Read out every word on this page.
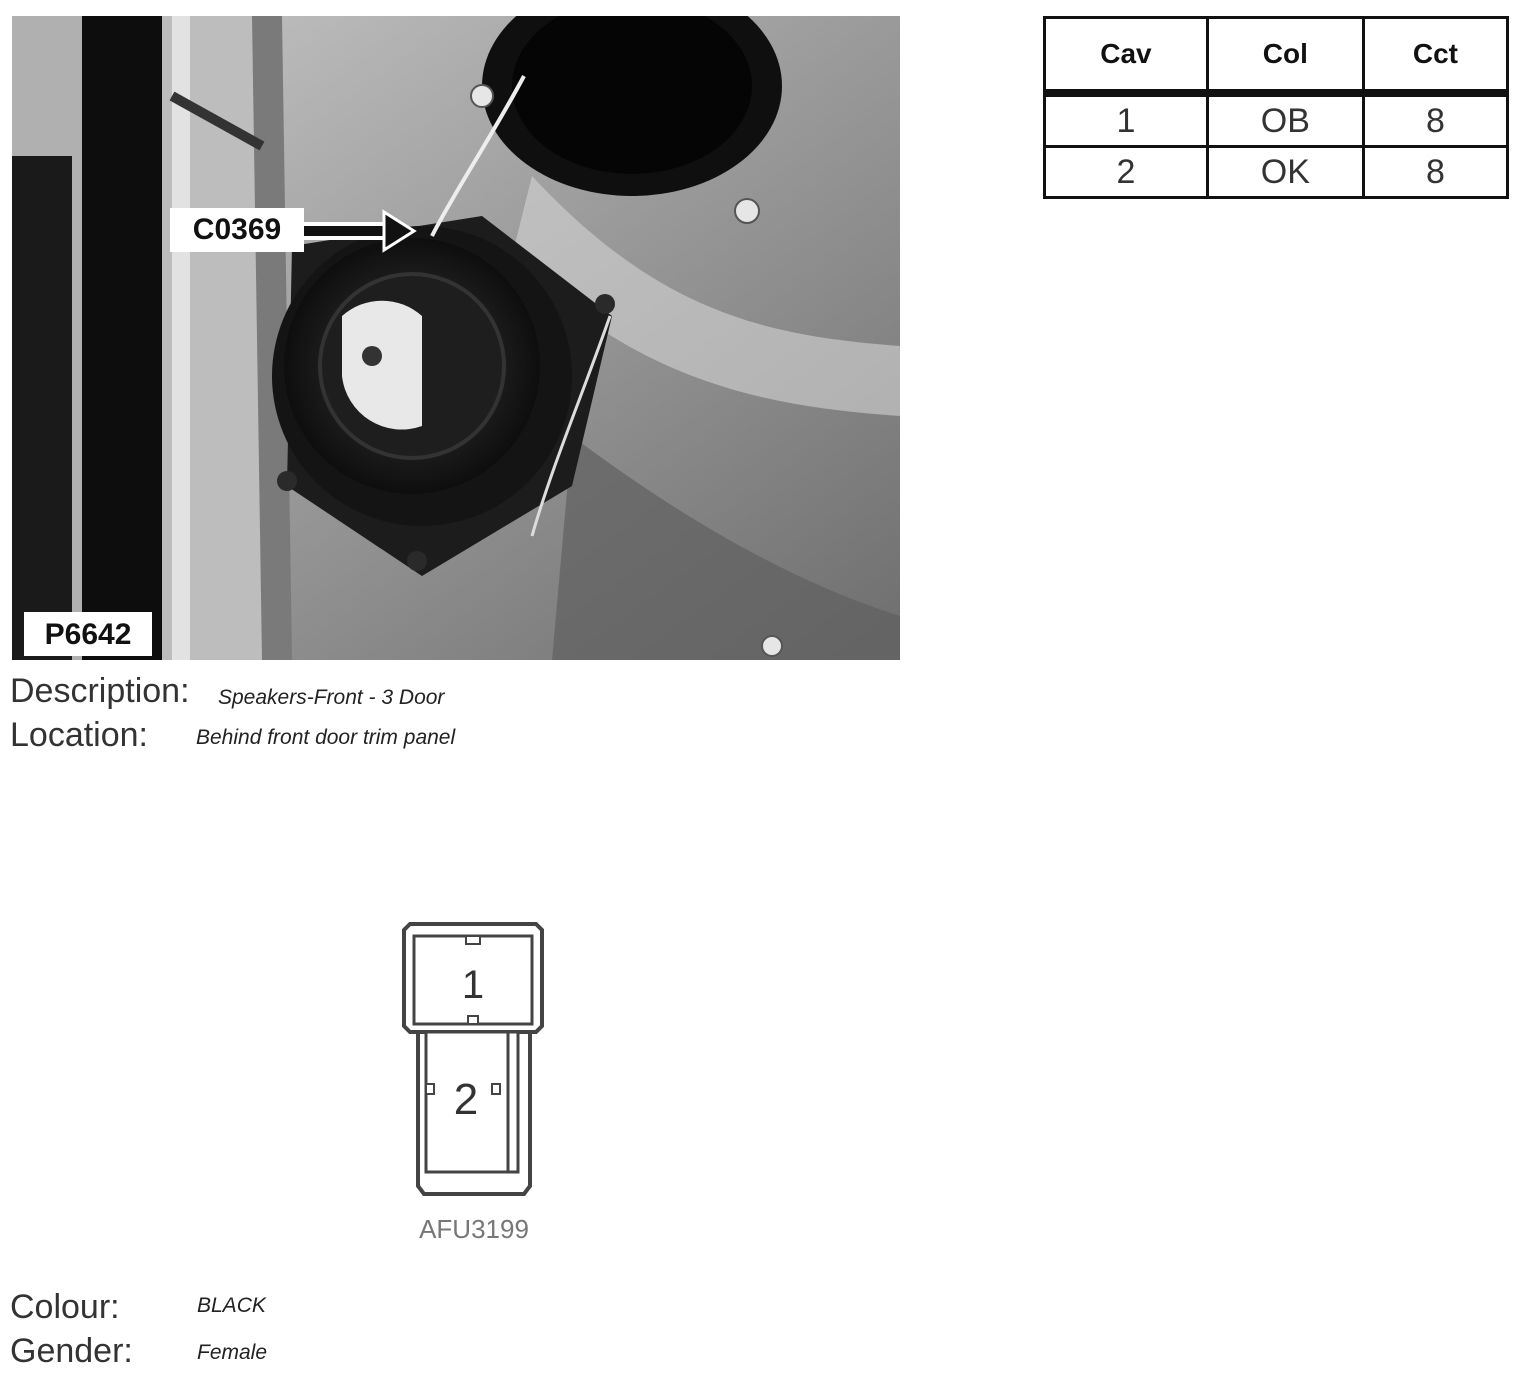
C0369
P6642
Description: Speakers-Front - 3 Door
Location: Behind front door trim panel
Cav	Col	Cct
1	OB	8
2	OK	8
1
2
AFU3199
Colour:	BLACK
Gender:	Female
